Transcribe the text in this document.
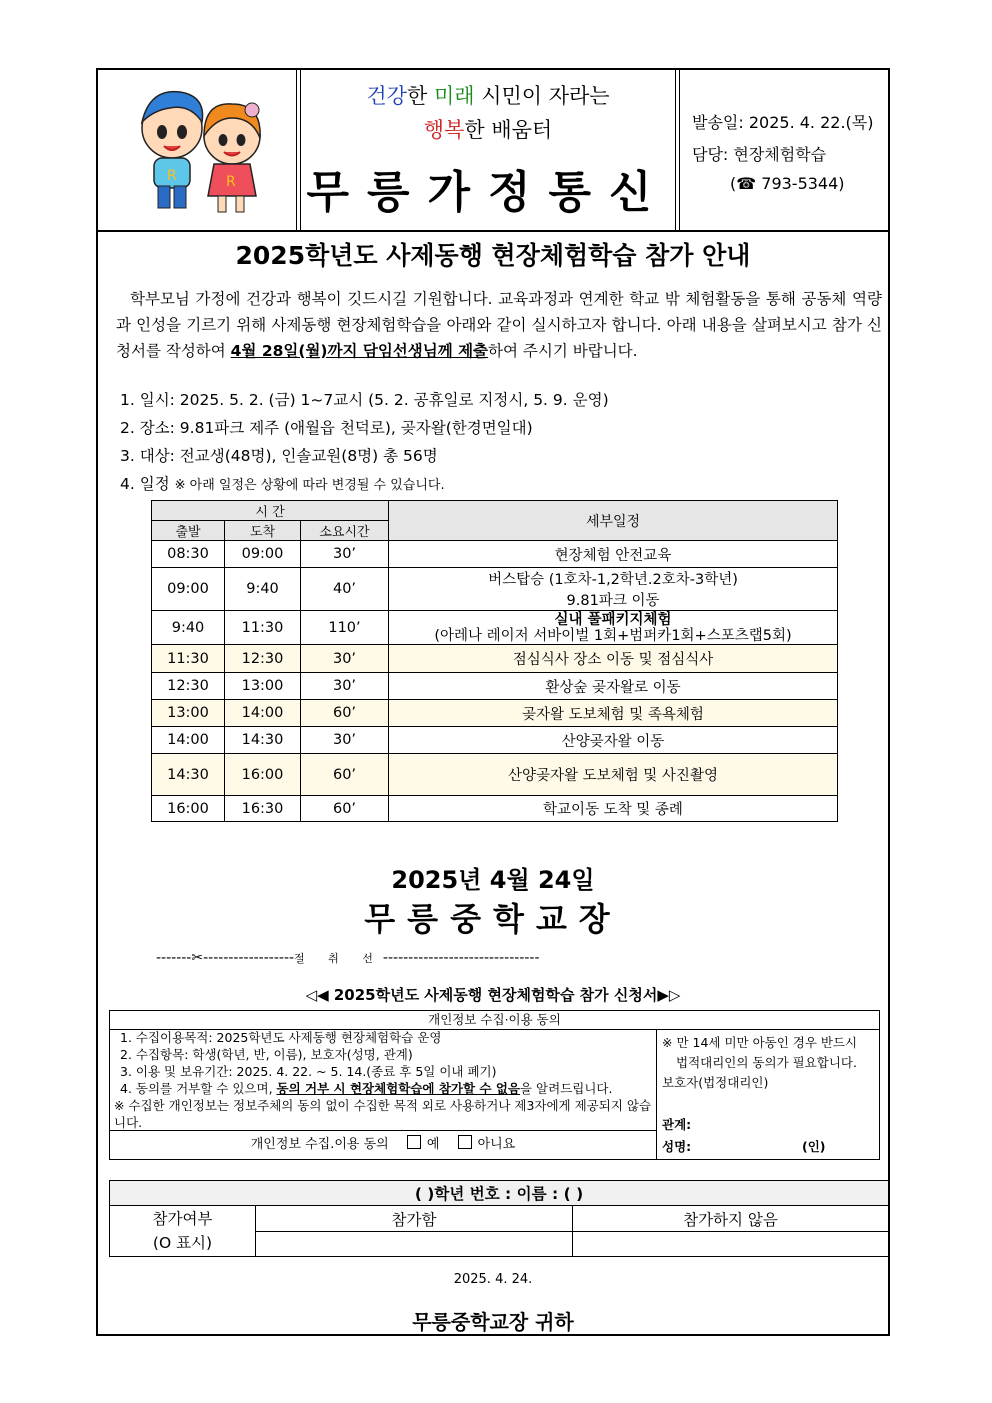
R	R
건강한 미래 시민이 자라는
행복한 배움터
무릉가정통신
발송일: 2025. 4. 22.(목)
담당: 현장체험학습
(☎ 793-5344)
2025학년도 사제동행 현장체험학습 참가 안내
학부모님 가정에 건강과 행복이 깃드시길 기원합니다. 교육과정과 연계한 학교 밖 체험활동을 통해 공동체 역량과 인성을 기르기 위해 사제동행 현장체험학습을 아래와 같이 실시하고자 합니다. 아래 내용을 살펴보시고 참가 신청서를 작성하여 4월 28일(월)까지 담임선생님께 제출하여 주시기 바랍니다.
1. 일시: 2025. 5. 2. (금) 1~7교시 (5. 2. 공휴일로 지정시, 5. 9. 운영)
2. 장소: 9.81파크 제주 (애월읍 천덕로), 곶자왈(한경면일대)
3. 대상: 전교생(48명), 인솔교원(8명) 총 56명
4. 일정 ※ 아래 일정은 상황에 따라 변경될 수 있습니다.
시 간			세부일정
출발	도착	소요시간	
08:30	09:00	30’	현장체험 안전교육
09:00	9:40	40’	버스탑승 (1호차-1,2학년.2호차-3학년)
9.81파크 이동

9:40	11:30	110’	실내 풀패키지체험
(아레나 레이저 서바이벌 1회+범퍼카1회+스포츠랩5회)

11:30	12:30	30’	점심식사 장소 이동 및 점심식사
12:30	13:00	30’	환상숲 곶자왈로 이동
13:00	14:00	60’	곶자왈 도보체험 및 족욕체험
14:00	14:30	30’	산양곶자왈 이동
14:30	16:00	60’	산양곶자왈 도보체험 및 사진촬영
16:00	16:30	60’	학교이동 도착 및 종례
2025년 4월 24일
무릉중학교장
-------✂------------------절 취 선-------------------------------
◁◀ 2025학년도 사제동행 현장체험학습 참가 신청서▶▷
개인정보 수집·이용 동의

1. 수집이용목적: 2025학년도 사제동행 현장체험학습 운영

2. 수집항목: 학생(학년, 반, 이름), 보호자(성명, 관계)

3. 이용 및 보유기간: 2025. 4. 22. ~ 5. 14.(종료 후 5일 이내 폐기)

4. 동의를 거부할 수 있으며, 동의 거부 시 현장체험학습에 참가할 수 없음을 알려드립니다.

※ 수집한 개인정보는 정보주체의 동의 없이 수집한 목적 외로 사용하거나 제3자에게 제공되지 않습니다.

개인정보 수집.이용 동의	예	아니요
※ 만 14세 미만 아동인 경우 반드시
법적대리인의 동의가 필요합니다.
보호자(법정대리인)
관계:
성명:	(인)
( )학년 번호 : 이름 : ( )		

참가여부
(O 표시)	참가함	참가하지 않음

2025. 4. 24.
무릉중학교장 귀하
